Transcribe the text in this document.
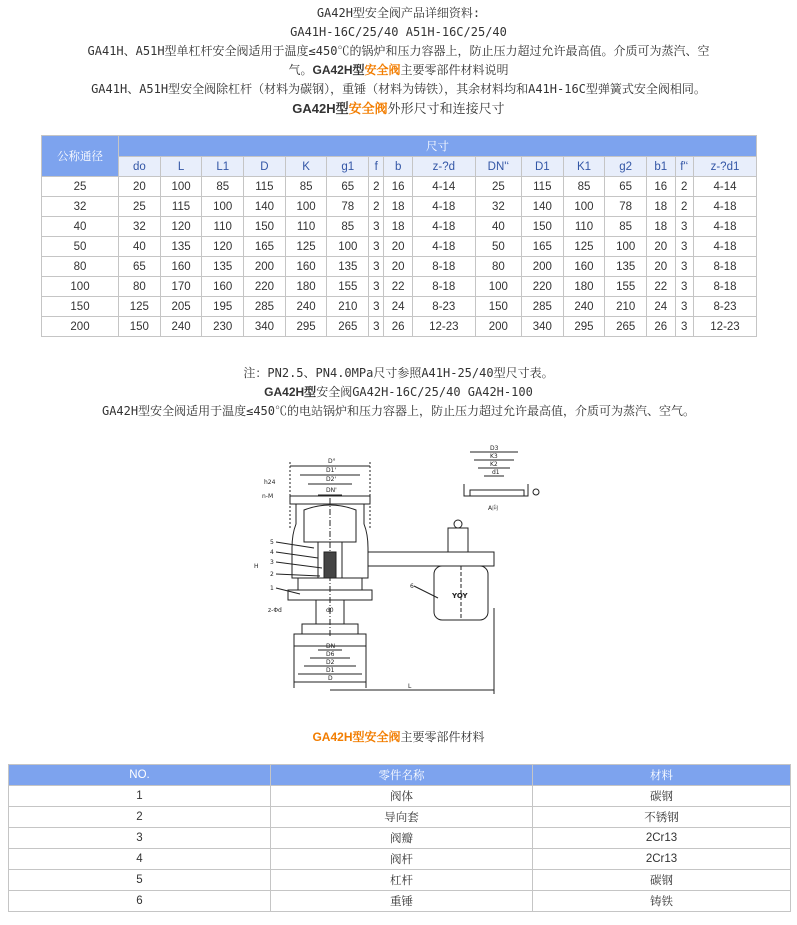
GA42H型安全阀产品详细资料:
GA41H-16C/25/40 A51H-16C/25/40
GA41H、A51H型单杠杆安全阀适用于温度≤450℃的锅炉和压力容器上，防止压力超过允许最高值。介质可为蒸汽、空
气。GA42H型安全阀主要零部件材料说明
GA41H、A51H型安全阀除杠杆（材料为碳钢），重锤（材料为铸铁），其余材料均和A41H-16C型弹簧式安全阀相同。
GA42H型安全阀外形尺寸和连接尺寸
公称通径	尺寸															
	do	L	L1	D	K	g1	f	b	z-?d	DN'‘	D1	K1	g2	b1	f'‘	z-?d1
25	20	100	85	115	85	65	2	16	4-14	25	115	85	65	16	2	4-14
32	25	115	100	140	100	78	2	18	4-18	32	140	100	78	18	2	4-18
40	32	120	110	150	110	85	3	18	4-18	40	150	110	85	18	3	4-18
50	40	135	120	165	125	100	3	20	4-18	50	165	125	100	20	3	4-18
80	65	160	135	200	160	135	3	20	8-18	80	200	160	135	20	3	8-18
100	80	170	160	220	180	155	3	22	8-18	100	220	180	155	22	3	8-18
150	125	205	195	285	240	210	3	24	8-23	150	285	240	210	24	3	8-23
200	150	240	230	340	295	265	3	26	12-23	200	340	295	265	26	3	12-23
注：PN2.5、PN4.0MPa尺寸参照A41H-25/40型尺寸表。
GA42H型安全阀GA42H-16C/25/40 GA42H-100
GA42H型安全阀适用于温度≤450℃的电站锅炉和压力容器上，防止压力超过允许最高值，介质可为蒸汽、空气。
D°
D1'
D2'
DN'
h24
n-M
H
z-Φd	d0
DN
D6
D2
D1
D
L
5
4
3
2
1
YOY
6
D3
K3
K2
d1
A向
GA42H型安全阀主要零部件材料
NO.	零件名称	材料
1	阀体	碳钢
2	导向套	不锈钢
3	阀瓣	2Cr13
4	阀杆	2Cr13
5	杠杆	碳钢
6	重锤	铸铁
